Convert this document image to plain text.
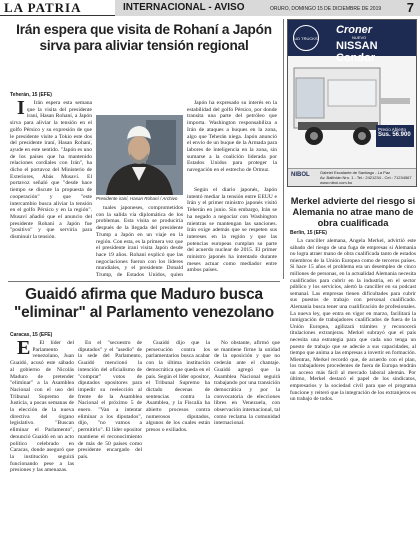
LA PATRIA	INTERNACIONAL - AVISO	ORURO, DOMINGO 15 DE DICIEMBRE DE 2019 7
Irán espera que visita de Rohaní a Japón sirva para aliviar tensión regional
Teherán, 15 (EFE)

I Irán espera esta semana que la visita del presidente iraní, Hasan Rohaní, a Japón sirva para aliviar la tensión en el golfo Pérsico y su expresión de que le presidente visite a Tokio este dos del presidente iraní, Hasan Rohaní, ayude en este sentido. "Japón es uno de los países que ha mantenido relaciones cordiales con Irán", ha dicho el portavoz del Ministerio de Exteriores, Abás Musaví. El portavoz señaló que "desde hace tiempo se discute la propuesta de cooperación" y que "este intercambio busca aliviar la tensión en el golfo Pérsico y en la región". Musaví añadió que el anuncio del presidente Rohaní a Japón fue "positivo" y que serviría para disminuir la tensión.

Presidente iraní, Hasan Rohaní / Archivo

tuales japoneses, comprometidos con la salida vía diplomática de los problemas. Esta visita se produciría después de la llegada del presidente Trump a Japón en un viaje en la región. Con esta, es la primera vez que el presidente iraní visita Japón desde hace 19 años. Rohaní explicó que las negociaciones fueron con los líderes mundiales, y el presidente Donald Trump, de Estados Unidos, quien

Según el diario japonés, Japón intentó mediar la tensión entre EEUU e Irán y el primer ministro japonés visitó Teherán en junio. Sin embargo, Irán se ha negado a negociar con Washington mientras se mantengan las sanciones. Irán exige además que se respeten sus intereses en la región y que las potencias europeas cumplan su parte del acuerdo nuclear de 2015. El primer ministro japonés ha intentado durante meses actuar como mediador entre ambos países.

Japón ha expresado su interés en la estabilidad del golfo Pérsico, por donde transita una parte del petróleo que importa. Washington responsabiliza a Irán de ataques a buques en la zona, algo que Teherán niega. Japón anunció el envío de un buque de la Armada para labores de inteligencia en la zona, sin sumarse a la coalición liderada por Estados Unidos para proteger la navegación en el estrecho de Ormuz.

UD TRUCKS
Croner
NUEVO
NISSAN Condor
Precio Abierto
Sus. 56.900
NIBOL	Gabriel Escalante de Santiago - La Paz
Av. Ballivián Nro. 1 - Tel.: 2421234 - Cel.: 71234567
www.nibol.com.bo
Merkel advierte del riesgo si Alemania no atrae mano de obra cualificada
Berlín, 15 (EFE)

La canciller alemana, Angela Merkel, advirtió este sábado del riesgo de una fuga de empresas si Alemania no logra atraer mano de obra cualificada tanto de estados miembros de la Unión Europea como de terceros países. Si hace 15 años el problema era un desempleo de cinco millones de personas, en la actualidad Alemania necesita cualificados para cubrir en la industria, en el sector público y los servicios, alertó la canciller en su podcast semanal. Las empresas tienen dificultades para cubrir sus puestos de trabajo con personal cualificado. Alemania busca tener una cualificación de profesionales. La nueva ley, que entra en vigor en marzo, facilitará la inmigración de trabajadores cualificados de fuera de la Unión Europea, agilizará trámites y reconocerá titulaciones extranjeras. Merkel subrayó que el país necesita una estrategia para que cada uno tenga un puesto de trabajo que se adecúe a sus capacidades, al tiempo que anima a las empresas a invertir en formación. Mientras, Merkel recordó que, de acuerdo con el plan, los trabajadores procedentes de fuera de Europa tendrán un acceso más fácil al mercado laboral alemán. Por último, Merkel destacó el papel de los sindicatos, empresarios y la sociedad civil para que el programa funcione y reiteró que la integración de los extranjeros es un trabajo de todos.

Guaidó afirma que Maduro busca
"eliminar" al Parlamento venezolano
Caracas, 15 (EFE)

E El líder del Parlamento venezolano, Juan Guaidó, acusó este sábado al gobierno de Nicolás Maduro de pretender "eliminar" a la Asamblea Nacional con el uso del Tribunal Supremo de Justicia, a pocas semanas de la elección de la nueva directiva del órgano legislativo. "Buscan eliminar el Parlamento", denunció Guaidó en un acto político celebrado en Caracas, donde aseguró que la institución seguirá funcionando pese a las presiones y las amenazas.

En el "secuestro de diputados" y el "asedio" de la sede del Parlamento, Guaidó mencionó la intención del oficialismo de "comprar" votos de diputados opositores para impedir su reelección al frente de la Asamblea Nacional el próximo 5 de enero. "Van a intentar eliminar a los diputados", dijo, "no vamos a permitirlo". El líder opositor mantiene el reconocimiento de más de 50 países como presidente encargado del país.

Guaidó dijo que la persecución contra los parlamentarios busca acabar con la última institución democrática que queda en el país. Según el líder opositor, el Tribunal Supremo ha dictado decenas de sentencias contra la Asamblea, y la Fiscalía ha abierto procesos contra numerosos diputados, algunos de los cuales están presos o exiliados.

No obstante, afirmó que se mantiene firme la unidad de la oposición y que no cederán ante el chantaje. Guaidó agregó que la Asamblea Nacional seguirá trabajando por una transición democrática y por la convocatoria de elecciones libres en Venezuela, con observación internacional, tal como reclama la comunidad internacional.
